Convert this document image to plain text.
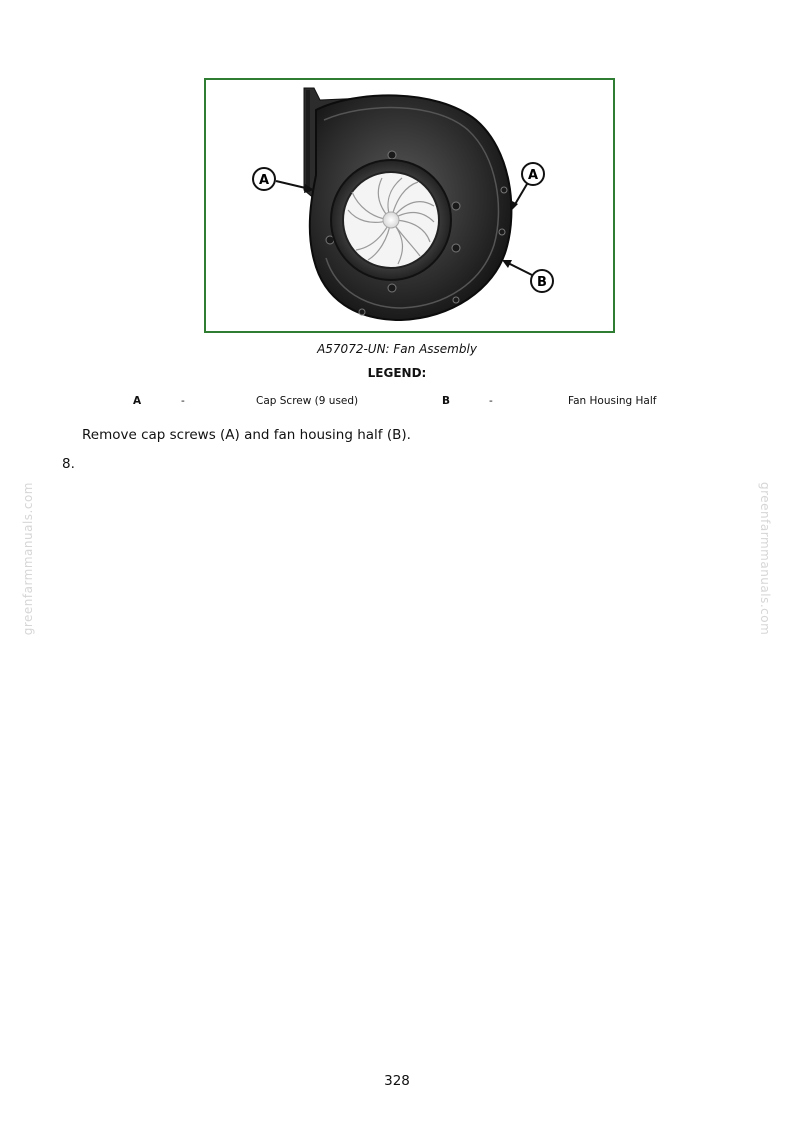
A	A
B
A57072-UN: Fan Assembly
LEGEND:
A	-	Cap Screw (9 used)	B	-	Fan Housing Half
Remove cap screws (A) and fan housing half (B).
8.
greenfarmmanuals.com	greenfarmmanuals.com
328
